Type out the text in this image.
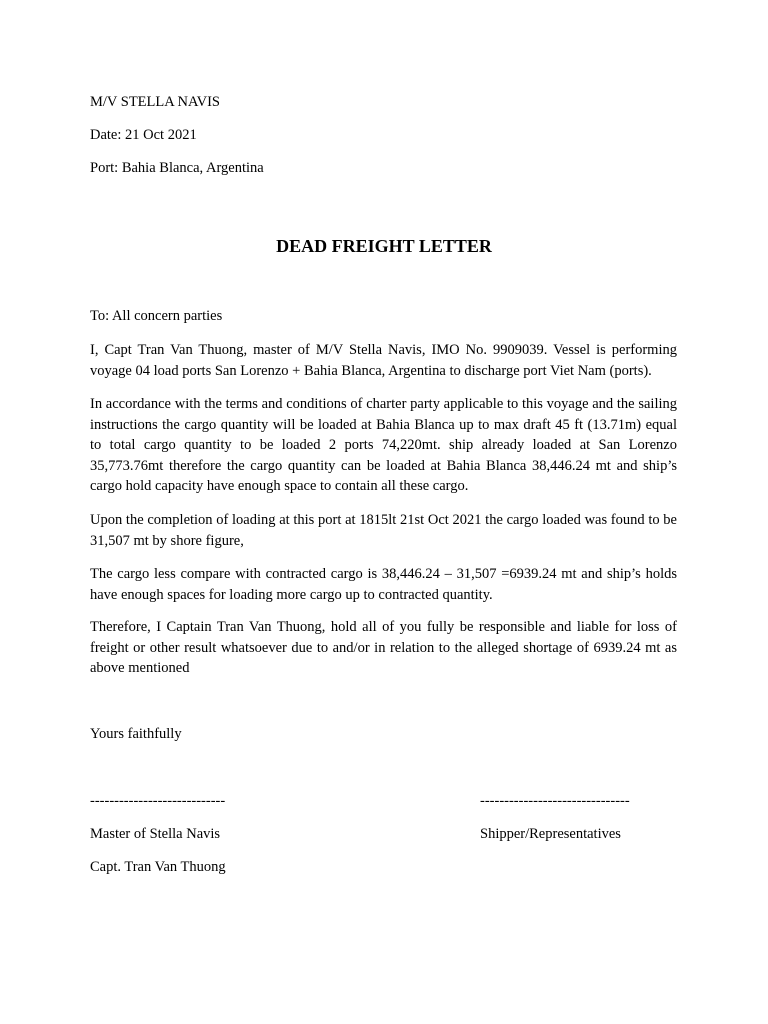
M/V STELLA NAVIS
Date: 21 Oct 2021
Port: Bahia Blanca, Argentina
DEAD FREIGHT LETTER
To: All concern parties
I, Capt Tran Van Thuong, master of M/V Stella Navis, IMO No. 9909039. Vessel is performing voyage 04 load ports San Lorenzo + Bahia Blanca, Argentina to discharge port Viet Nam (ports).
In accordance with the terms and conditions of charter party applicable to this voyage and the sailing instructions the cargo quantity will be loaded at Bahia Blanca up to max draft 45 ft (13.71m) equal to total cargo quantity to be loaded 2 ports 74,220mt. ship already loaded at San Lorenzo 35,773.76mt therefore the cargo quantity can be loaded at Bahia Blanca 38,446.24 mt and ship’s cargo hold capacity have enough space to contain all these cargo.
Upon the completion of loading at this port at 1815lt 21st Oct 2021 the cargo loaded was found to be 31,507 mt by shore figure,
The cargo less compare with contracted cargo is 38,446.24 – 31,507 =6939.24 mt and ship’s holds have enough spaces for loading more cargo up to contracted quantity.
Therefore, I Captain Tran Van Thuong, hold all of you fully be responsible and liable for loss of freight or other result whatsoever due to and/or in relation to the alleged shortage of 6939.24 mt as above mentioned
Yours faithfully
----------------------------	-------------------------------
Master of Stella Navis	Shipper/Representatives
Capt. Tran Van Thuong
